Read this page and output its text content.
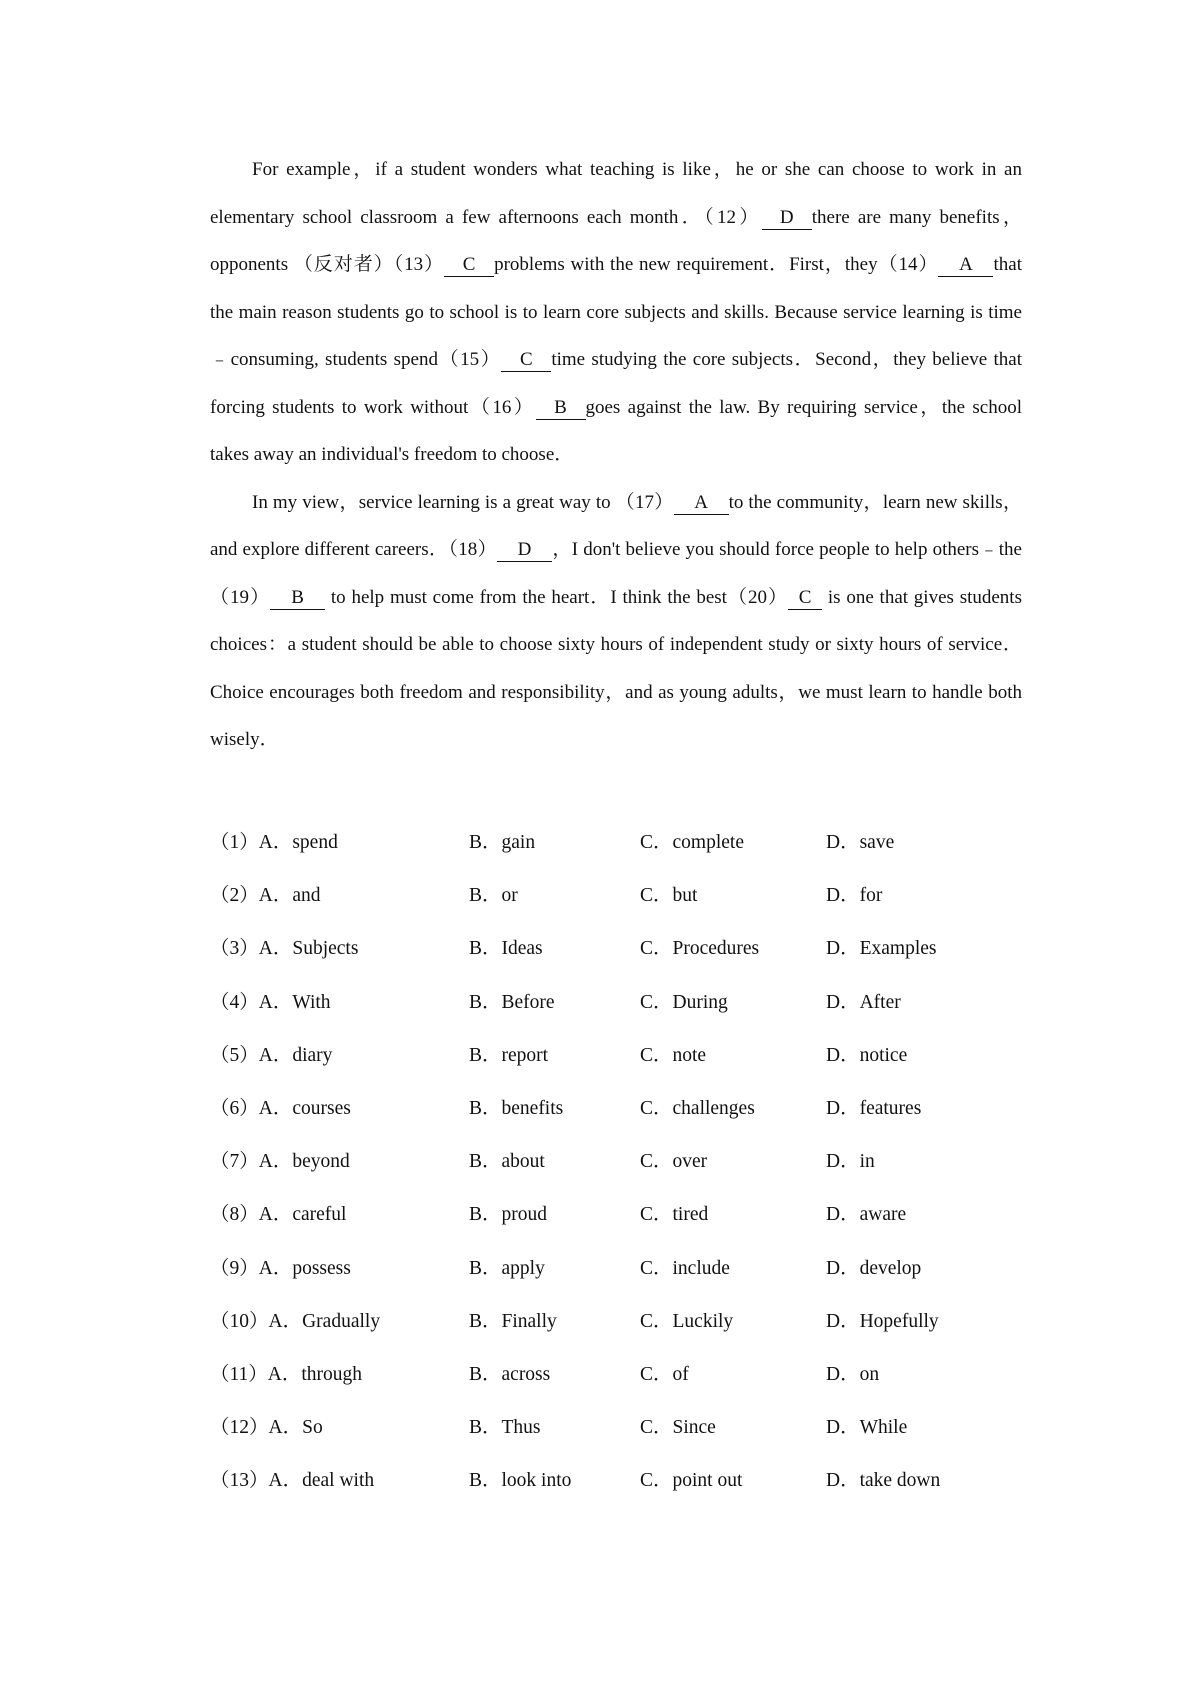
For example，if a student wonders what teaching is like，he or she can choose to work in an elementary school classroom a few afternoons each month．（12） D there are many benefits，opponents （反对者）（13） C problems with the new requirement．First，they（14） A that the main reason students go to school is to learn core subjects and skills. Because service learning is time﹣consuming, students spend（15） C time studying the core subjects．Second，they believe that forcing students to work without（16） B goes against the law. By requiring service，the school takes away an individual's freedom to choose．

In my view，service learning is a great way to （17） A to the community，learn new skills，and explore different careers．（18） D ，I don't believe you should force people to help others﹣the （19） B to help must come from the heart．I think the best（20） C is one that gives students choices：a student should be able to choose sixty hours of independent study or sixty hours of service．Choice encourages both freedom and responsibility，and as young adults，we must learn to handle both wisely．

（1）A．spend	B．gain	C．complete	D．save
（2）A．and	B．or	C．but	D．for
（3）A．Subjects	B．Ideas	C．Procedures	D．Examples
（4）A．With	B．Before	C．During	D．After
（5）A．diary	B．report	C．note	D．notice
（6）A．courses	B．benefits	C．challenges	D．features
（7）A．beyond	B．about	C．over	D．in
（8）A．careful	B．proud	C．tired	D．aware
（9）A．possess	B．apply	C．include	D．develop
（10）A．Gradually	B．Finally	C．Luckily	D．Hopefully
（11）A．through	B．across	C．of	D．on
（12）A．So	B．Thus	C．Since	D．While
（13）A．deal with	B．look into	C．point out	D．take down
